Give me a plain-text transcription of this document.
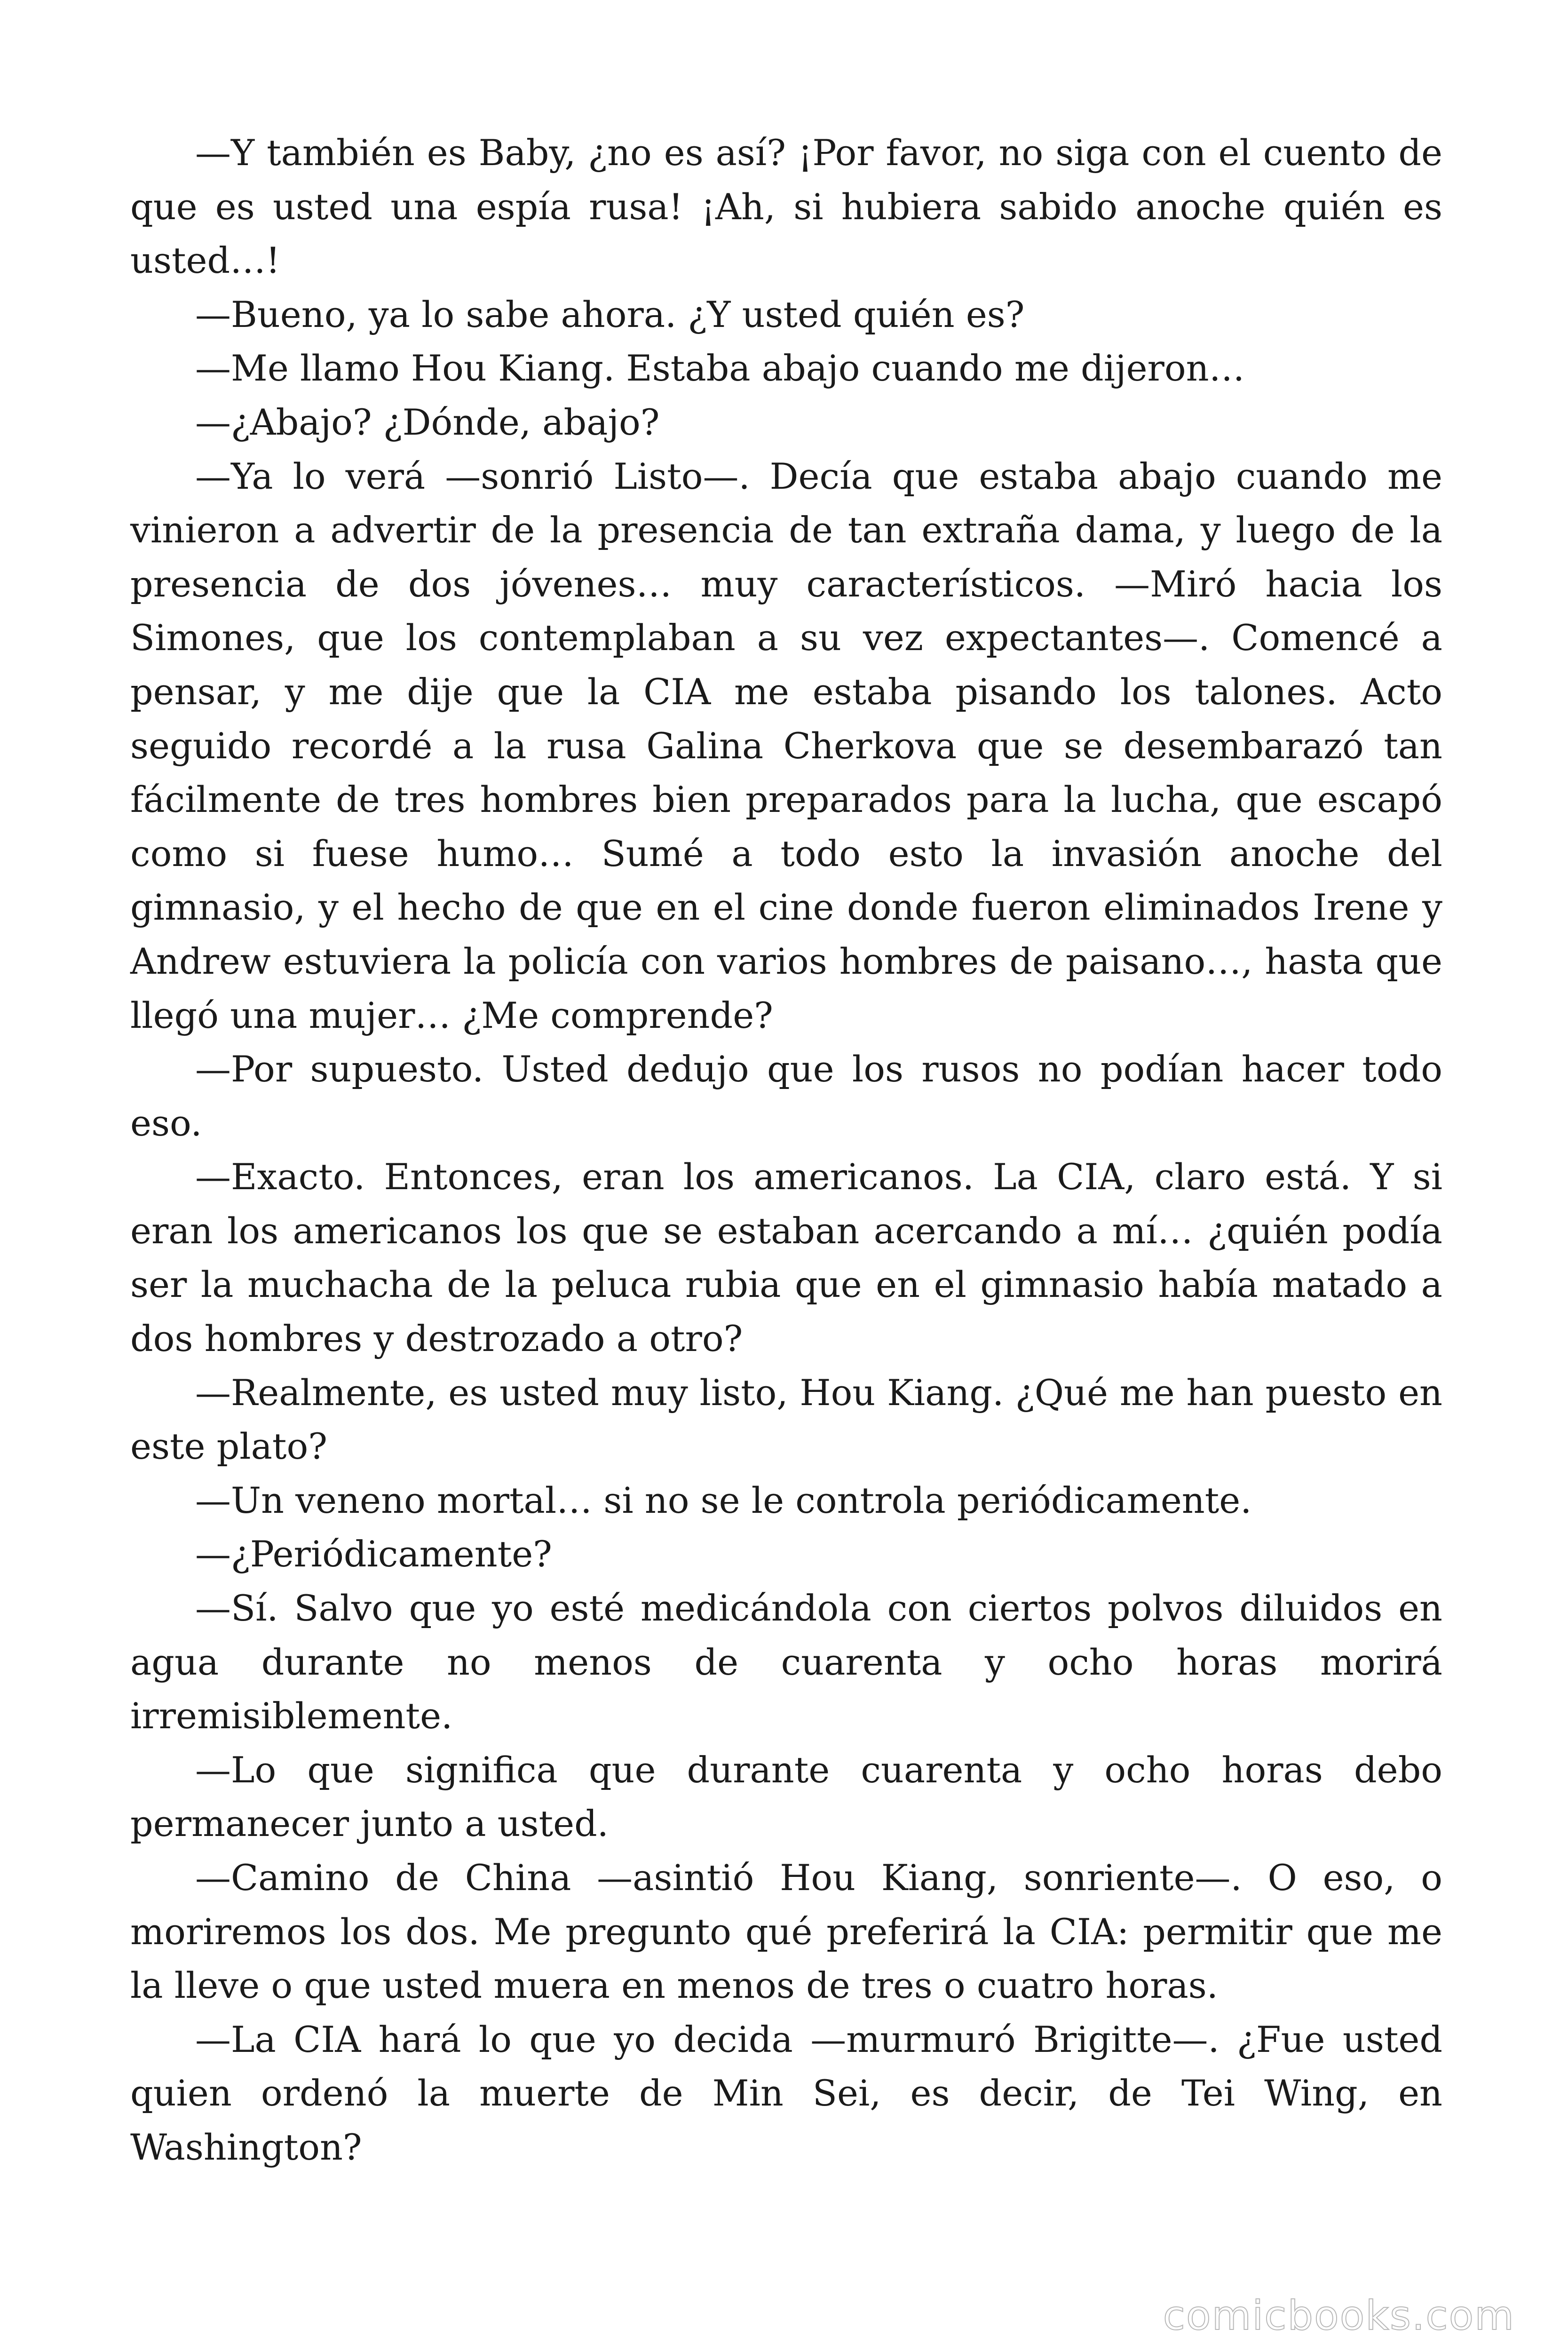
—Y también es Baby, ¿no es así? ¡Por favor, no siga con el cuento de que es usted una espía rusa! ¡Ah, si hubiera sabido anoche quién es usted…!

—Bueno, ya lo sabe ahora. ¿Y usted quién es?

—Me llamo Hou Kiang. Estaba abajo cuando me dijeron…

—¿Abajo? ¿Dónde, abajo?

—Ya lo verá —sonrió Listo—. Decía que estaba abajo cuando me vinieron a advertir de la presencia de tan extraña dama, y luego de la presencia de dos jóvenes… muy característicos. —Miró hacia los Simones, que los contemplaban a su vez expectantes—. Comencé a pensar, y me dije que la CIA me estaba pisando los talones. Acto seguido recordé a la rusa Galina Cherkova que se desembarazó tan fácilmente de tres hombres bien preparados para la lucha, que escapó como si fuese humo… Sumé a todo esto la invasión anoche del gimnasio, y el hecho de que en el cine donde fueron eliminados Irene y Andrew estuviera la policía con varios hombres de paisano…, hasta que llegó una mujer… ¿Me comprende?

—Por supuesto. Usted dedujo que los rusos no podían hacer todo eso.

—Exacto. Entonces, eran los americanos. La CIA, claro está. Y si eran los americanos los que se estaban acercando a mí… ¿quién podía ser la muchacha de la peluca rubia que en el gimnasio había matado a dos hombres y destrozado a otro?

—Realmente, es usted muy listo, Hou Kiang. ¿Qué me han puesto en este plato?

—Un veneno mortal… si no se le controla periódicamente.

—¿Periódicamente?

—Sí. Salvo que yo esté medicándola con ciertos polvos diluidos en agua durante no menos de cuarenta y ocho horas morirá irremisiblemente.

—Lo que significa que durante cuarenta y ocho horas debo permanecer junto a usted.

—Camino de China —asintió Hou Kiang, sonriente—. O eso, o moriremos los dos. Me pregunto qué preferirá la CIA: permitir que me la lleve o que usted muera en menos de tres o cuatro horas.

—La CIA hará lo que yo decida —murmuró Brigitte—. ¿Fue usted quien ordenó la muerte de Min Sei, es decir, de Tei Wing, en Washington?

comicbooks.com
